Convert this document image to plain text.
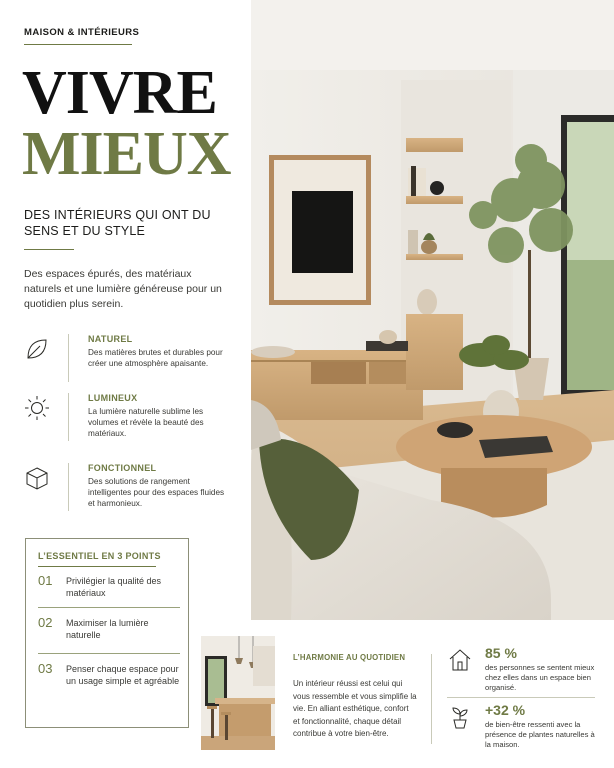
MAISON & INTÉRIEURS
VIVRE
MIEUX
DES INTÉRIEURS QUI ONT DU SENS ET DU STYLE

Des espaces épurés, des matériaux naturels et une lumière généreuse pour un quotidien plus serein.

NATUREL
Des matières brutes et durables pour créer une atmosphère apaisante.
LUMINEUX
La lumière naturelle sublime les volumes et révèle la beauté des matériaux.
FONCTIONNEL
Des solutions de rangement intelligentes pour des espaces fluides et harmonieux.
L’ESSENTIEL EN 3 POINTS
01 Privilégier la qualité des matériaux
02 Maximiser la lumière naturelle
03 Penser chaque espace pour un usage simple et agréable
L’HARMONIE AU QUOTIDIEN

Un intérieur réussi est celui qui vous ressemble et vous simplifie la vie. En alliant esthétique, confort et fonctionnalité, chaque détail contribue à votre bien-être.

85 %
des personnes se sentent mieux chez elles dans un espace bien organisé.
+32 %
de bien-être ressenti avec la présence de plantes naturelles à la maison.
